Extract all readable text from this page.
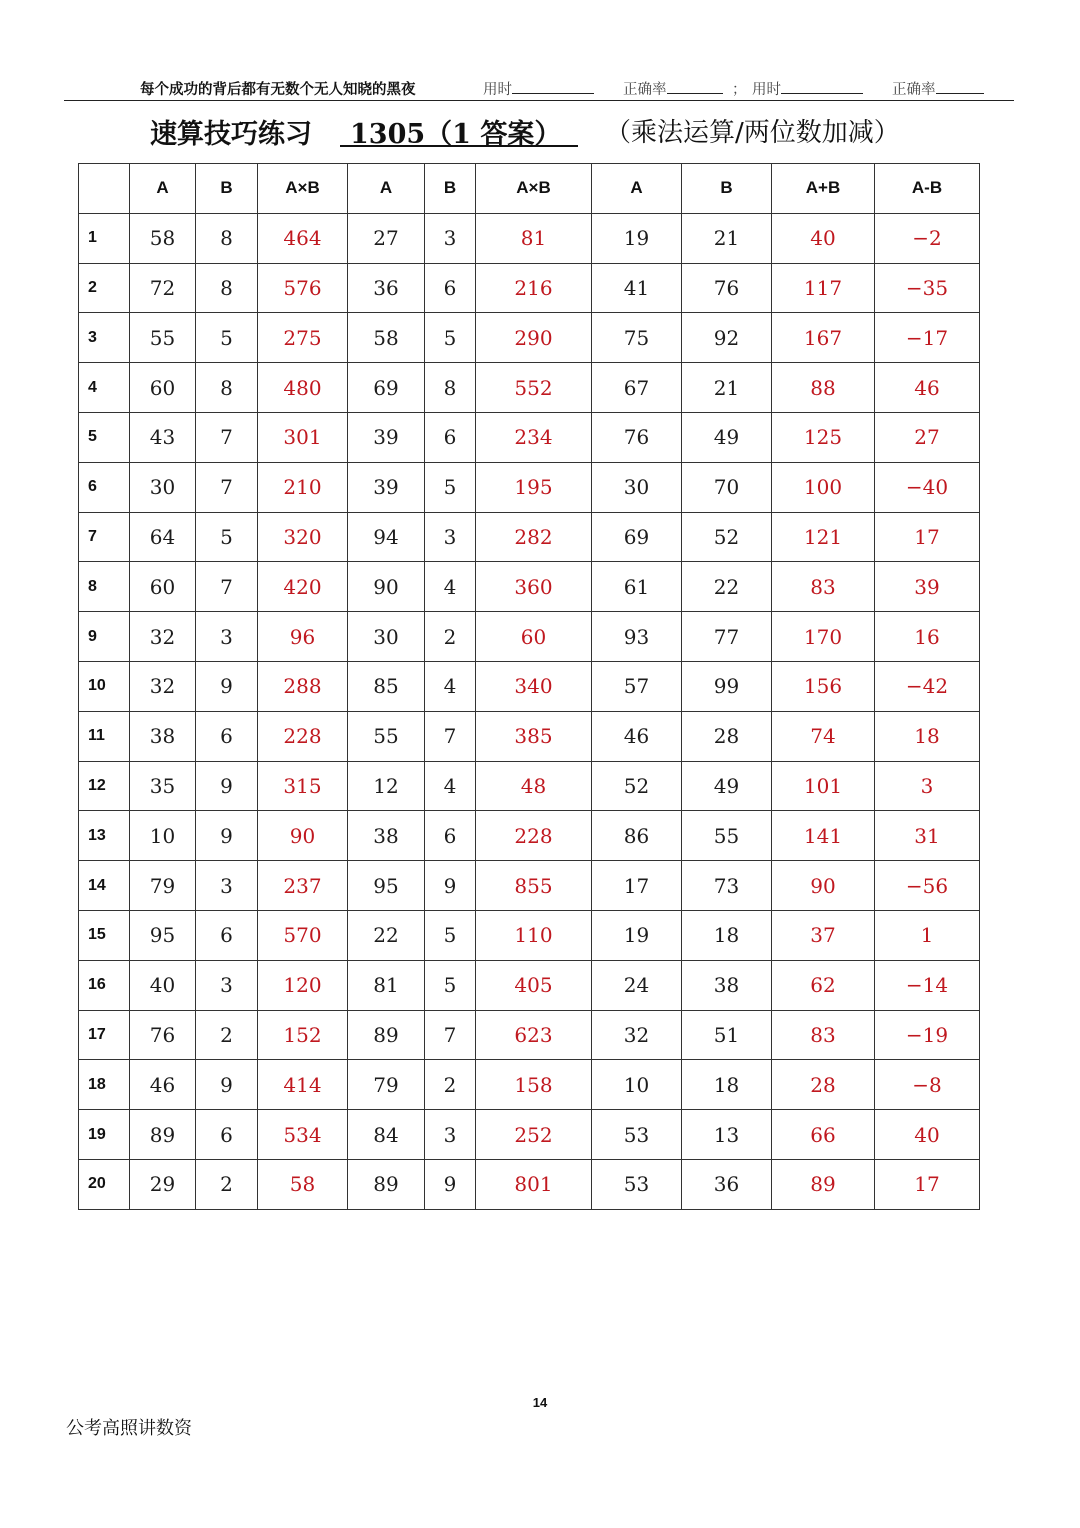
每个成功的背后都有无数个无人知晓的黑夜	用时	正确率	； 用时	正确率
速算技巧练习	1305（1 答案）	（乘法运算/两位数加减）
	A	B	A×B	A	B	A×B	A	B	A+B	A-B
1	58	8	464	27	3	81	19	21	40	−2
2	72	8	576	36	6	216	41	76	117	−35
3	55	5	275	58	5	290	75	92	167	−17
4	60	8	480	69	8	552	67	21	88	46
5	43	7	301	39	6	234	76	49	125	27
6	30	7	210	39	5	195	30	70	100	−40
7	64	5	320	94	3	282	69	52	121	17
8	60	7	420	90	4	360	61	22	83	39
9	32	3	96	30	2	60	93	77	170	16
10	32	9	288	85	4	340	57	99	156	−42
11	38	6	228	55	7	385	46	28	74	18
12	35	9	315	12	4	48	52	49	101	3
13	10	9	90	38	6	228	86	55	141	31
14	79	3	237	95	9	855	17	73	90	−56
15	95	6	570	22	5	110	19	18	37	1
16	40	3	120	81	5	405	24	38	62	−14
17	76	2	152	89	7	623	32	51	83	−19
18	46	9	414	79	2	158	10	18	28	−8
19	89	6	534	84	3	252	53	13	66	40
20	29	2	58	89	9	801	53	36	89	17
14
公考高照讲数资
